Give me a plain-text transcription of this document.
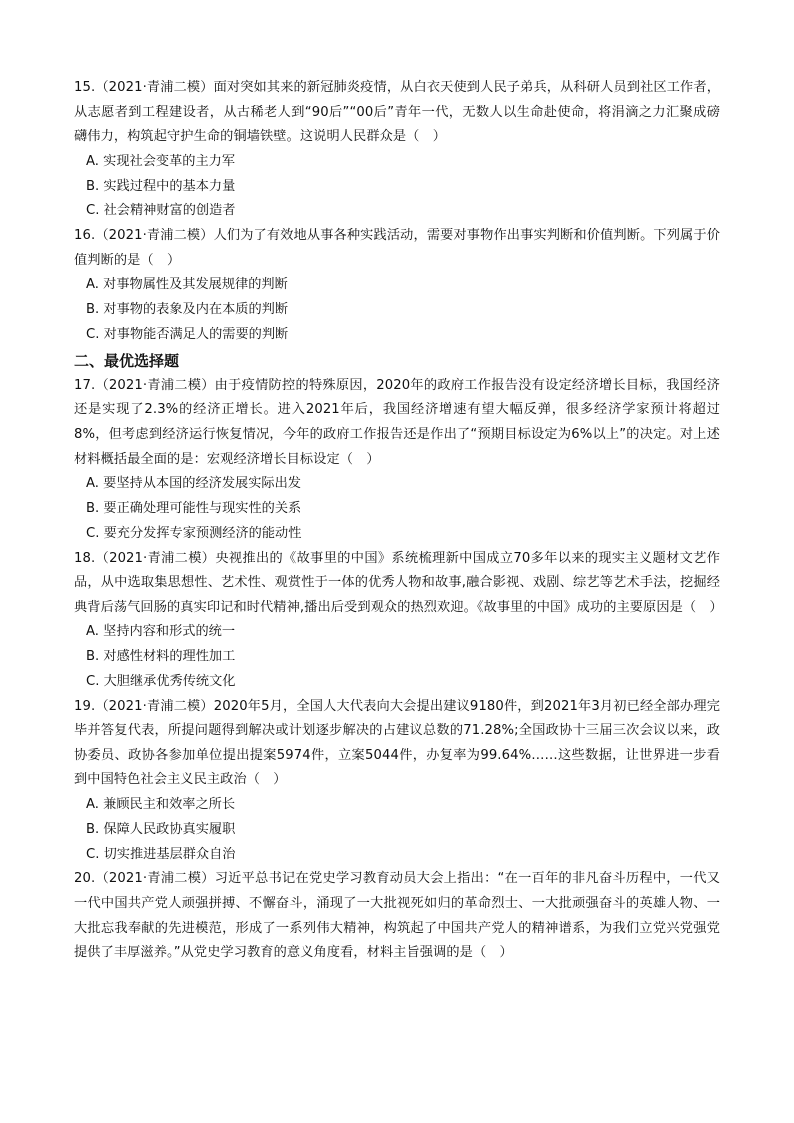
15.（2021·青浦二模）面对突如其来的新冠肺炎疫情，从白衣天使到人民子弟兵，从科研人员到社区工作者，从志愿者到工程建设者，从古稀老人到“90后”“00后”青年一代，无数人以生命赴使命，将涓滴之力汇聚成磅礴伟力，构筑起守护生命的铜墙铁壁。这说明人民群众是（　）

A. 实现社会变革的主力军
B. 实践过程中的基本力量
C. 社会精神财富的创造者

16.（2021·青浦二模）人们为了有效地从事各种实践活动，需要对事物作出事实判断和价值判断。下列属于价值判断的是（　）

A. 对事物属性及其发展规律的判断
B. 对事物的表象及内在本质的判断
C. 对事物能否满足人的需要的判断
二、最优选择题

17.（2021·青浦二模）由于疫情防控的特殊原因，2020年的政府工作报告没有设定经济增长目标，我国经济还是实现了2.3%的经济正增长。进入2021年后，我国经济增速有望大幅反弹，很多经济学家预计将超过8%，但考虑到经济运行恢复情况，今年的政府工作报告还是作出了“预期目标设定为6%以上”的决定。对上述材料概括最全面的是：宏观经济增长目标设定（　）

A. 要坚持从本国的经济发展实际出发
B. 要正确处理可能性与现实性的关系
C. 要充分发挥专家预测经济的能动性

18.（2021·青浦二模）央视推出的《故事里的中国》系统梳理新中国成立70多年以来的现实主义题材文艺作品，从中选取集思想性、艺术性、观赏性于一体的优秀人物和故事,融合影视、戏剧、综艺等艺术手法，挖掘经典背后荡气回肠的真实印记和时代精神,播出后受到观众的热烈欢迎。《故事里的中国》成功的主要原因是（　）

A. 坚持内容和形式的统一
B. 对感性材料的理性加工
C. 大胆继承优秀传统文化

19.（2021·青浦二模）2020年5月，全国人大代表向大会提出建议9180件，到2021年3月初已经全部办理完毕并答复代表，所提问题得到解决或计划逐步解决的占建议总数的71.28%;全国政协十三届三次会议以来，政协委员、政协各参加单位提出提案5974件，立案5044件，办复率为99.64%……这些数据，让世界进一步看到中国特色社会主义民主政治（　）

A. 兼顾民主和效率之所长
B. 保障人民政协真实履职
C. 切实推进基层群众自治

20.（2021·青浦二模）习近平总书记在党史学习教育动员大会上指出：“在一百年的非凡奋斗历程中，一代又一代中国共产党人顽强拼搏、不懈奋斗，涌现了一大批视死如归的革命烈士、一大批顽强奋斗的英雄人物、一大批忘我奉献的先进模范，形成了一系列伟大精神，构筑起了中国共产党人的精神谱系，为我们立党兴党强党提供了丰厚滋养。”从党史学习教育的意义角度看，材料主旨强调的是（　）
